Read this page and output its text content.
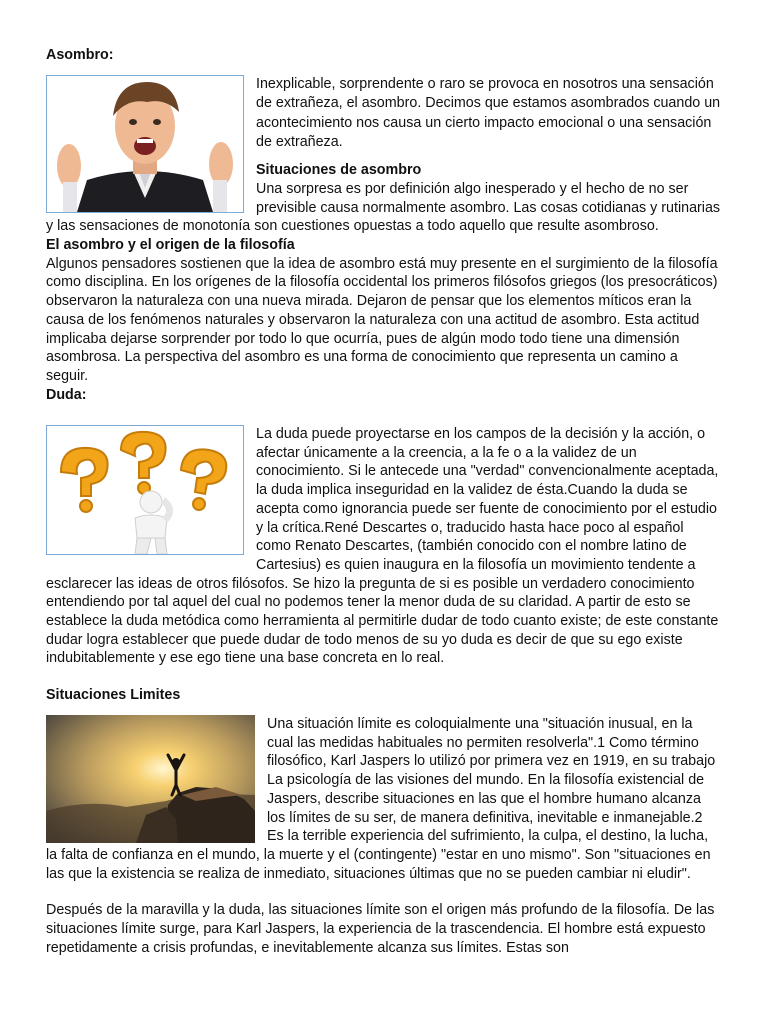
Asombro:

Inexplicable, sorprendente o raro se provoca en nosotros una sensación de extrañeza, el asombro. Decimos que estamos asombrados cuando un acontecimiento nos causa un cierto impacto emocional o una sensación de extrañeza.

Situaciones de asombro
Una sorpresa es por definición algo inesperado y el hecho de no ser previsible causa normalmente asombro. Las cosas cotidianas y rutinarias y las sensaciones de monotonía son cuestiones opuestas a todo aquello que resulte asombroso.

El asombro y el origen de la filosofía

Algunos pensadores sostienen que la idea de asombro está muy presente en el surgimiento de la filosofía como disciplina. En los orígenes de la filosofía occidental los primeros filósofos griegos (los presocráticos) observaron la naturaleza con una nueva mirada. Dejaron de pensar que los elementos míticos eran la causa de los fenómenos naturales y observaron la naturaleza con una actitud de asombro. Esta actitud implicaba dejarse sorprender por todo lo que ocurría, pues de algún modo todo tiene una dimensión asombrosa. La perspectiva del asombro es una forma de conocimiento que representa un camino a seguir.

Duda:

La duda puede proyectarse en los campos de la decisión y la acción, o afectar únicamente a la creencia, a la fe o a la validez de un conocimiento. Si le antecede una "verdad" convencionalmente aceptada, la duda implica inseguridad en la validez de ésta.Cuando la duda se acepta como ignorancia puede ser fuente de conocimiento por el estudio y la crítica.René Descartes o, traducido hasta hace poco al español como Renato Descartes, (también conocido con el nombre latino de Cartesius) es quien inaugura en la filosofía un movimiento tendente a esclarecer las ideas de otros filósofos. Se hizo la pregunta de si es posible un verdadero conocimiento entendiendo por tal aquel del cual no podemos tener la menor duda de su claridad. A partir de esto se establece la duda metódica como herramienta al permitirle dudar de todo cuanto existe; de este constante dudar logra establecer que puede dudar de todo menos de su yo duda es decir de que su ego existe indubitablemente y ese ego tiene una base concreta en lo real.

Situaciones Limites

Una situación límite es coloquialmente una "situación inusual, en la cual las medidas habituales no permiten resolverla".1 Como término filosófico, Karl Jaspers lo utilizó por primera vez en 1919, en su trabajo La psicología de las visiones del mundo. En la filosofía existencial de Jaspers, describe situaciones en las que el hombre humano alcanza los límites de su ser, de manera definitiva, inevitable e inmanejable.2 Es la terrible experiencia del sufrimiento, la culpa, el destino, la lucha, la falta de confianza en el mundo, la muerte y el (contingente) "estar en uno mismo". Son "situaciones en las que la existencia se realiza de inmediato, situaciones últimas que no se pueden cambiar ni eludir".

Después de la maravilla y la duda, las situaciones límite son el origen más profundo de la filosofía. De las situaciones límite surge, para Karl Jaspers, la experiencia de la trascendencia. El hombre está expuesto repetidamente a crisis profundas, e inevitablemente alcanza sus límites. Estas son
